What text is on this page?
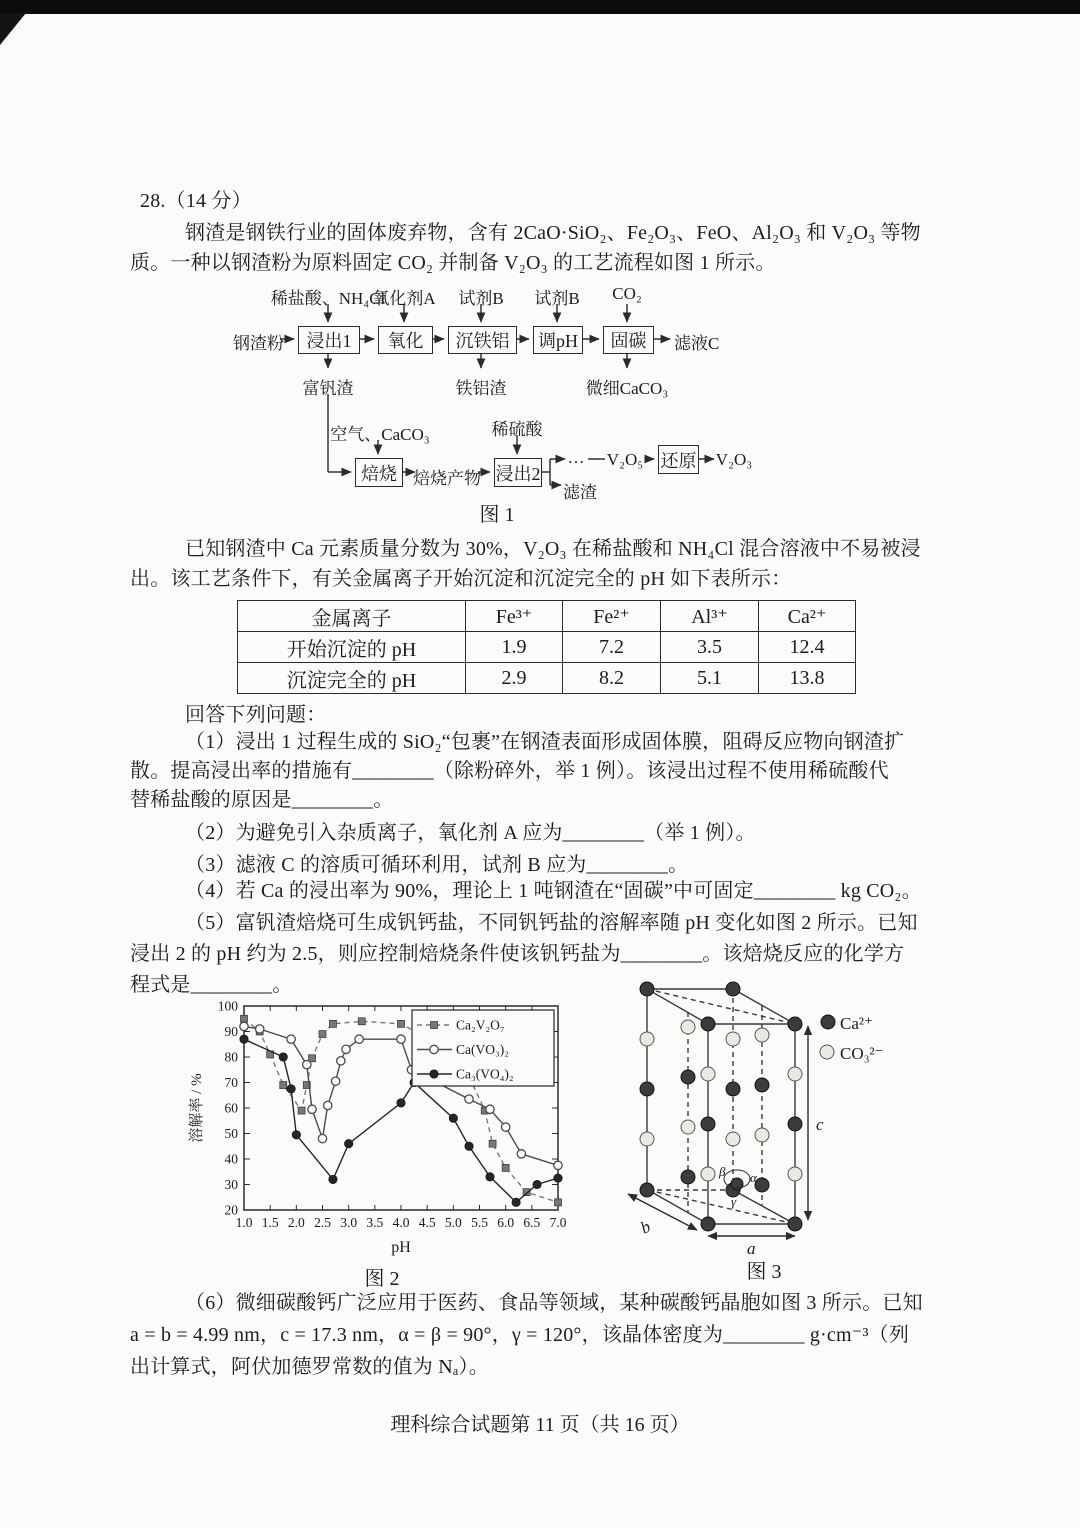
28.（14 分）
钢渣是钢铁行业的固体废弃物，含有 2CaO·SiO₂、Fe₂O₃、FeO、Al₂O₃ 和 V₂O₃ 等物
质。一种以钢渣粉为原料固定 CO₂ 并制备 V₂O₃ 的工艺流程如图 1 所示。
稀盐酸、NH₄Cl
氧化剂A 试剂B 试剂B CO₂
钢渣粉	浸出1	氧化	沉铁铝	调pH	固碳	滤液C
富钒渣	铁铝渣	微细CaCO₃
空气、CaCO₃
焙烧 焙烧产物
稀硫酸
浸出2
… V₂O₅ 还原 V₂O₃
滤渣
图 1
已知钢渣中 Ca 元素质量分数为 30%，V₂O₃ 在稀盐酸和 NH₄Cl 混合溶液中不易被浸
出。该工艺条件下，有关金属离子开始沉淀和沉淀完全的 pH 如下表所示：
金属离子	Fe³⁺	Fe²⁺	Al³⁺	Ca²⁺
开始沉淀的 pH	1.9	7.2	3.5	12.4
沉淀完全的 pH	2.9	8.2	5.1	13.8
回答下列问题：
（1）浸出 1 过程生成的 SiO₂“包裹”在钢渣表面形成固体膜，阻碍反应物向钢渣扩
散。提高浸出率的措施有________（除粉碎外，举 1 例）。该浸出过程不使用稀硫酸代
替稀盐酸的原因是________。
（2）为避免引入杂质离子，氧化剂 A 应为________（举 1 例）。
（3）滤液 C 的溶质可循环利用，试剂 B 应为________。
（4）若 Ca 的浸出率为 90%，理论上 1 吨钢渣在“固碳”中可固定________ kg CO₂。
（5）富钒渣焙烧可生成钒钙盐，不同钒钙盐的溶解率随 pH 变化如图 2 所示。已知
浸出 2 的 pH 约为 2.5，则应控制焙烧条件使该钒钙盐为________。该焙烧反应的化学方
程式是________。
1.0 1.5 2.0 2.5 3.0 3.5 4.0 4.5 5.0 5.5 6.0 6.5 7.0
20
30
40
50
60
70
80
90
100
pH
溶解率 / %
Ca₂V₂O₇
Ca(VO₃)₂
Ca₃(VO₄)₂
图 2
c
a
b
β α
γ
Ca²⁺
CO₃²⁻
图 3
（6）微细碳酸钙广泛应用于医药、食品等领域，某种碳酸钙晶胞如图 3 所示。已知
a = b = 4.99 nm，c = 17.3 nm，α = β = 90°，γ = 120°，该晶体密度为________ g·cm⁻³（列
出计算式，阿伏加德罗常数的值为 Nₐ）。
理科综合试题第 11 页（共 16 页）
